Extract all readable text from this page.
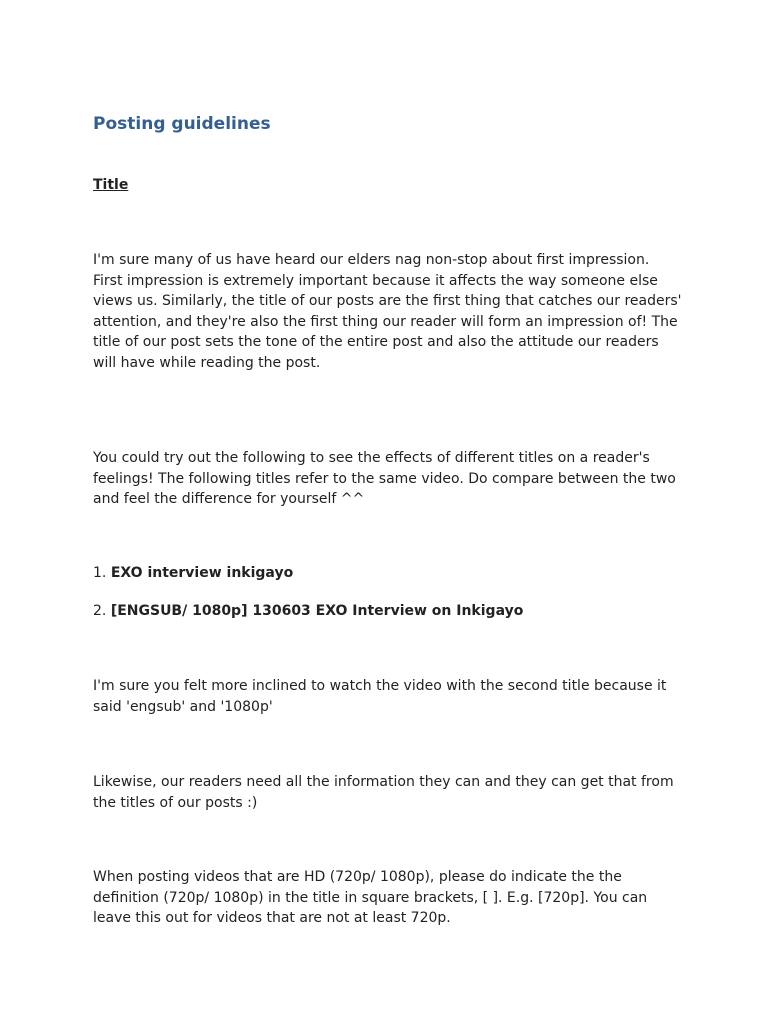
Posting guidelines
Title

I'm sure many of us have heard our elders nag non-stop about first impression. First impression is extremely important because it affects the way someone else views us. Similarly, the title of our posts are the first thing that catches our readers' attention, and they're also the first thing our reader will form an impression of! The title of our post sets the tone of the entire post and also the attitude our readers will have while reading the post.

You could try out the following to see the effects of different titles on a reader's feelings! The following titles refer to the same video. Do compare between the two and feel the difference for yourself ^^

1. EXO interview inkigayo
2. [ENGSUB/ 1080p] 130603 EXO Interview on Inkigayo

I'm sure you felt more inclined to watch the video with the second title because it said 'engsub' and '1080p'

Likewise, our readers need all the information they can and they can get that from the titles of our posts :)

When posting videos that are HD (720p/ 1080p), please do indicate the the definition (720p/ 1080p) in the title in square brackets, [ ]. E.g. [720p]. You can leave this out for videos that are not at least 720p.
